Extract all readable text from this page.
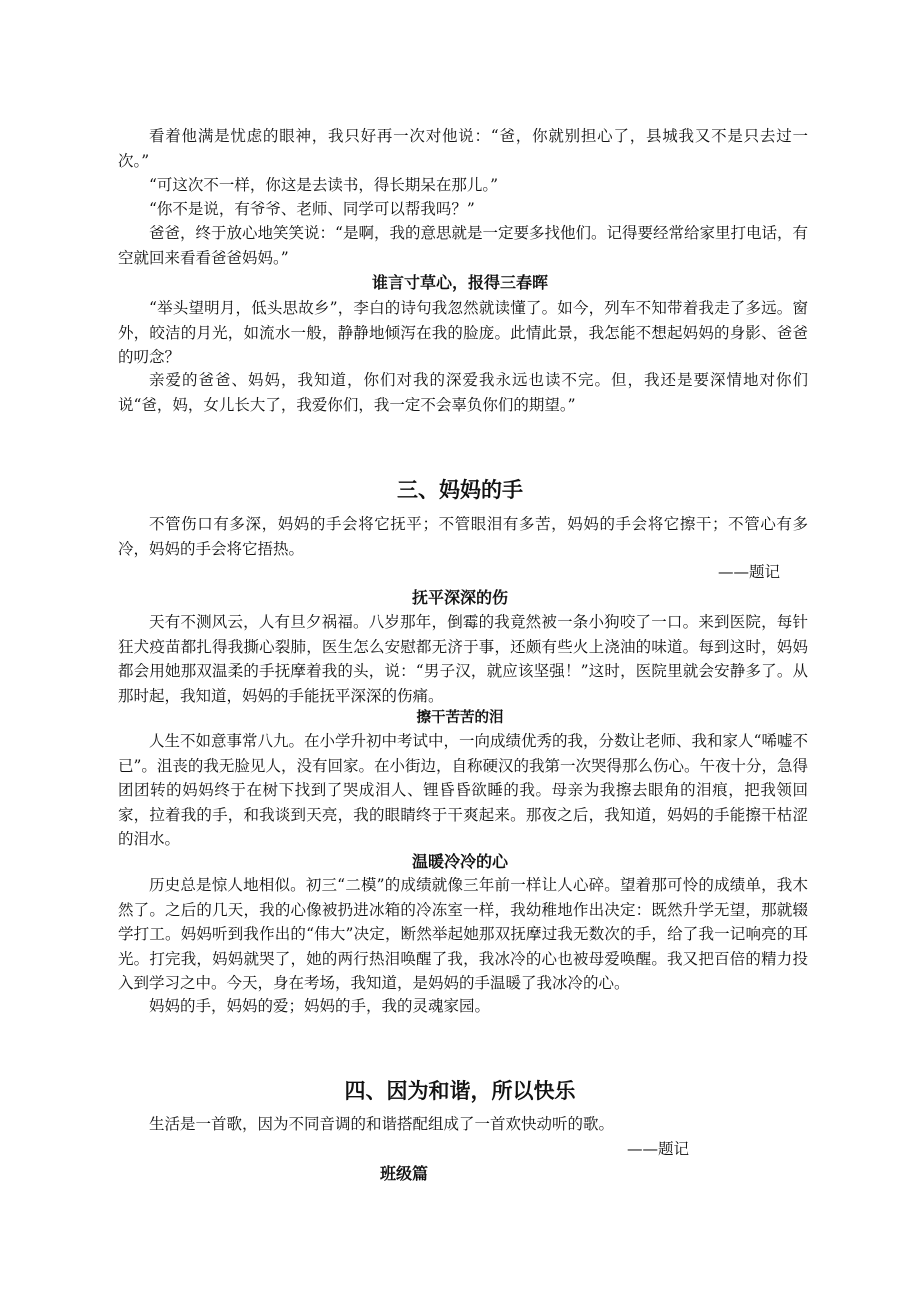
看着他满是忧虑的眼神，我只好再一次对他说：“爸，你就别担心了，县城我又不是只去过一次。”

“可这次不一样，你这是去读书，得长期呆在那儿。”

“你不是说，有爷爷、老师、同学可以帮我吗？”

爸爸，终于放心地笑笑说：“是啊，我的意思就是一定要多找他们。记得要经常给家里打电话，有空就回来看看爸爸妈妈。”

谁言寸草心，报得三春晖

“举头望明月，低头思故乡”，李白的诗句我忽然就读懂了。如今，列车不知带着我走了多远。窗外，皎洁的月光，如流水一般，静静地倾泻在我的脸庞。此情此景，我怎能不想起妈妈的身影、爸爸的叨念？

亲爱的爸爸、妈妈，我知道，你们对我的深爱我永远也读不完。但，我还是要深情地对你们说“爸，妈，女儿长大了，我爱你们，我一定不会辜负你们的期望。”

三、妈妈的手

不管伤口有多深，妈妈的手会将它抚平；不管眼泪有多苦，妈妈的手会将它擦干；不管心有多冷，妈妈的手会将它捂热。

——题记

抚平深深的伤

天有不测风云，人有旦夕祸福。八岁那年，倒霉的我竟然被一条小狗咬了一口。来到医院，每针狂犬疫苗都扎得我撕心裂肺，医生怎么安慰都无济于事，还颇有些火上浇油的味道。每到这时，妈妈都会用她那双温柔的手抚摩着我的头，说：“男子汉，就应该坚强！”这时，医院里就会安静多了。从那时起，我知道，妈妈的手能抚平深深的伤痛。

擦干苦苦的泪

人生不如意事常八九。在小学升初中考试中，一向成绩优秀的我，分数让老师、我和家人“唏嘘不已”。沮丧的我无脸见人，没有回家。在小街边，自称硬汉的我第一次哭得那么伤心。午夜十分，急得团团转的妈妈终于在树下找到了哭成泪人、锂昏昏欲睡的我。母亲为我擦去眼角的泪痕，把我领回家，拉着我的手，和我谈到天亮，我的眼睛终于干爽起来。那夜之后，我知道，妈妈的手能擦干枯涩的泪水。

温暖冷冷的心

历史总是惊人地相似。初三“二模”的成绩就像三年前一样让人心碎。望着那可怜的成绩单，我木然了。之后的几天，我的心像被扔进冰箱的冷冻室一样，我幼稚地作出决定：既然升学无望，那就辍学打工。妈妈听到我作出的“伟大”决定，断然举起她那双抚摩过我无数次的手，给了我一记响亮的耳光。打完我，妈妈就哭了，她的两行热泪唤醒了我，我冰冷的心也被母爱唤醒。我又把百倍的精力投入到学习之中。今天，身在考场，我知道，是妈妈的手温暖了我冰冷的心。

妈妈的手，妈妈的爱；妈妈的手，我的灵魂家园。

四、因为和谐，所以快乐

生活是一首歌，因为不同音调的和谐搭配组成了一首欢快动听的歌。

——题记

班级篇
